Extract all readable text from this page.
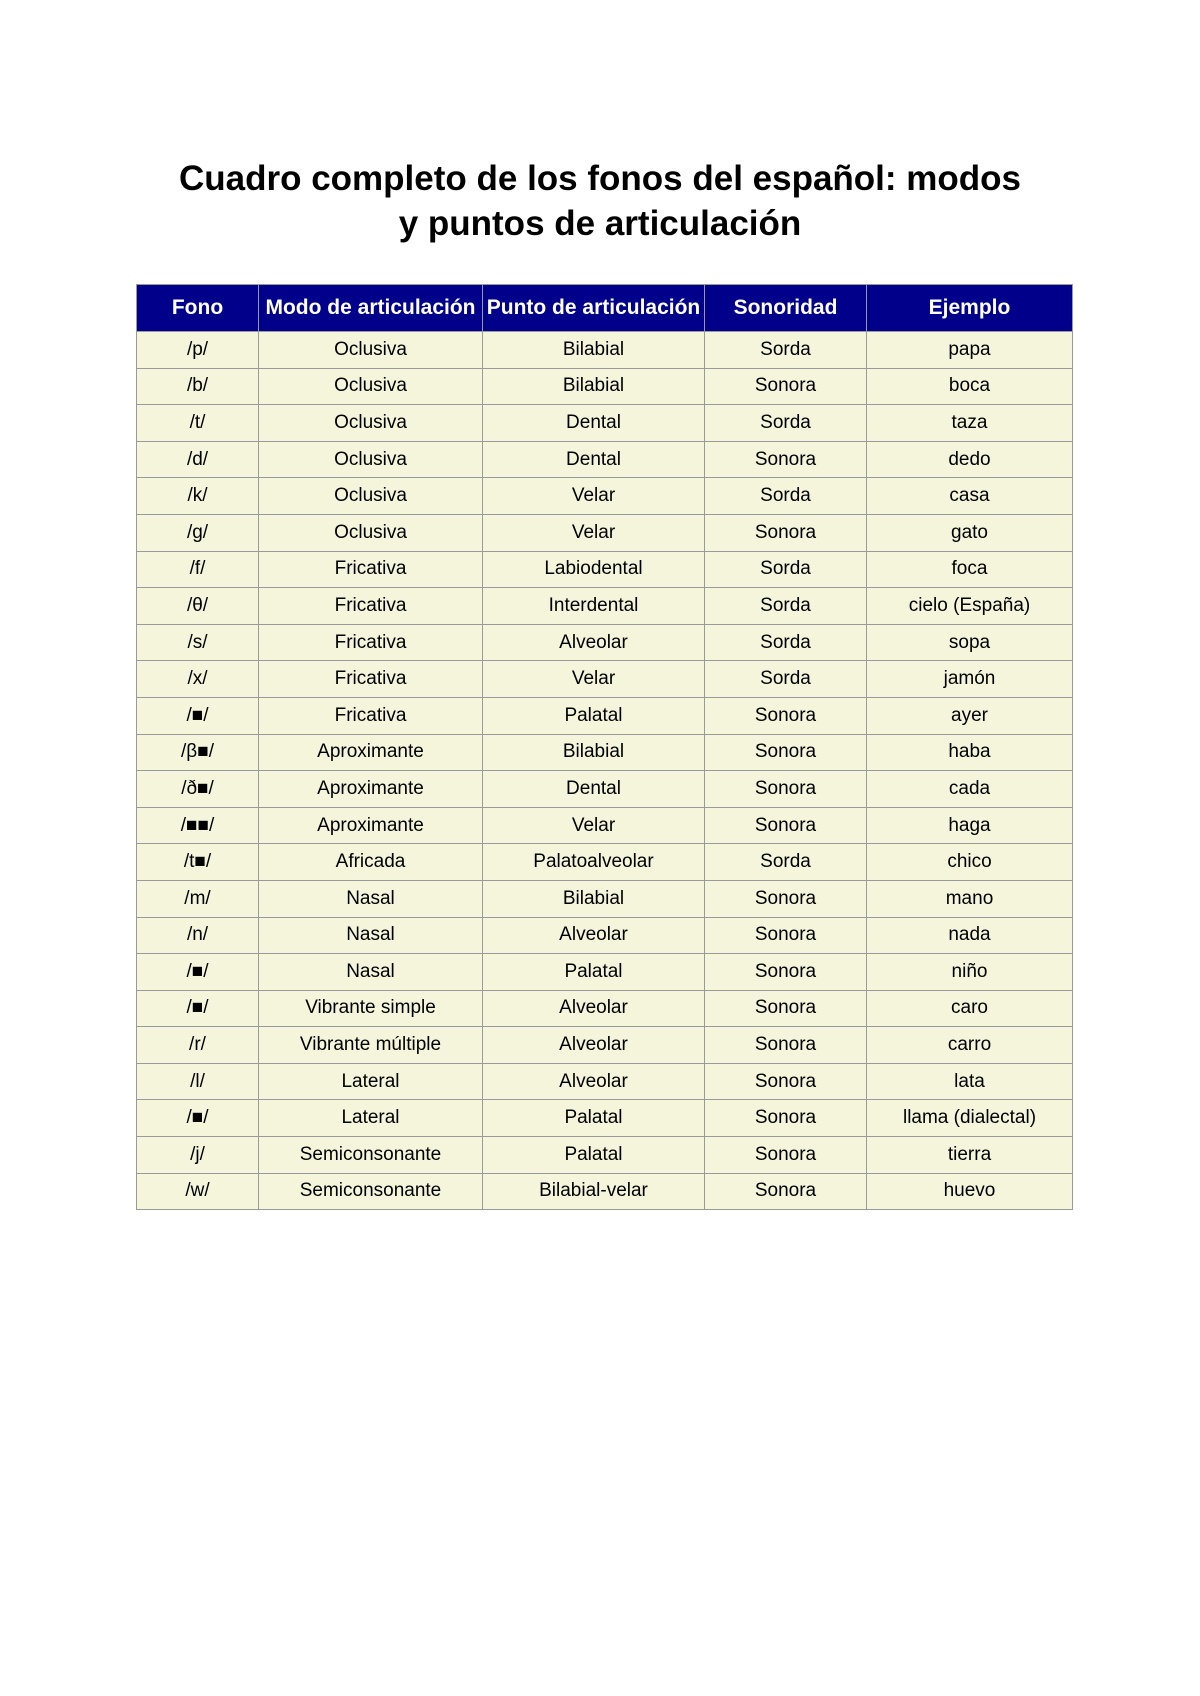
Cuadro completo de los fonos del español: modos
y puntos de articulación
Fono	Modo de articulación	Punto de articulación	Sonoridad	Ejemplo
/p/	Oclusiva	Bilabial	Sorda	papa
/b/	Oclusiva	Bilabial	Sonora	boca
/t/	Oclusiva	Dental	Sorda	taza
/d/	Oclusiva	Dental	Sonora	dedo
/k/	Oclusiva	Velar	Sorda	casa
/g/	Oclusiva	Velar	Sonora	gato
/f/	Fricativa	Labiodental	Sorda	foca
/θ/	Fricativa	Interdental	Sorda	cielo (España)
/s/	Fricativa	Alveolar	Sorda	sopa
/x/	Fricativa	Velar	Sorda	jamón
/■/	Fricativa	Palatal	Sonora	ayer
/β■/	Aproximante	Bilabial	Sonora	haba
/ð■/	Aproximante	Dental	Sonora	cada
/■■/	Aproximante	Velar	Sonora	haga
/t■/	Africada	Palatoalveolar	Sorda	chico
/m/	Nasal	Bilabial	Sonora	mano
/n/	Nasal	Alveolar	Sonora	nada
/■/	Nasal	Palatal	Sonora	niño
/■/	Vibrante simple	Alveolar	Sonora	caro
/r/	Vibrante múltiple	Alveolar	Sonora	carro
/l/	Lateral	Alveolar	Sonora	lata
/■/	Lateral	Palatal	Sonora	llama (dialectal)
/j/	Semiconsonante	Palatal	Sonora	tierra
/w/	Semiconsonante	Bilabial-velar	Sonora	huevo
